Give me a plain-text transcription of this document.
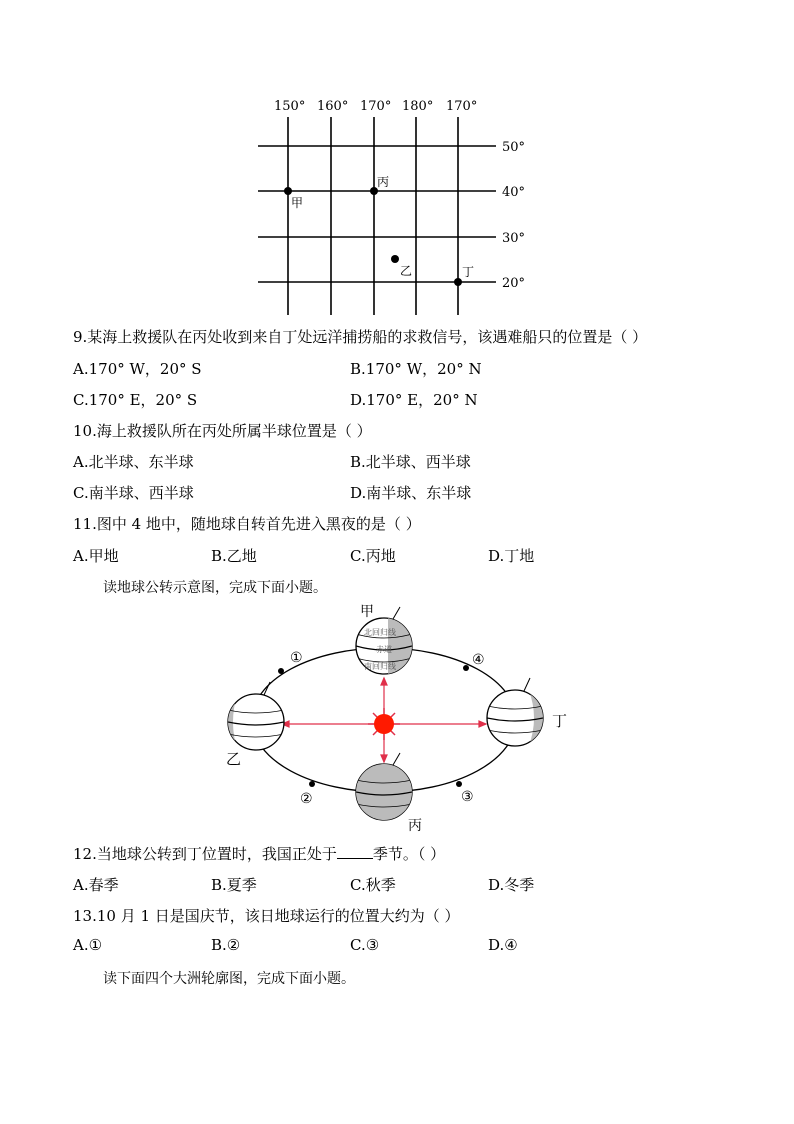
150° 160° 170° 180° 170°
50°
40°
30°
20°
甲
丙
乙	丁
9.某海上救援队在丙处收到来自丁处远洋捕捞船的求救信号，该遇难船只的位置是（ ）
A.170° W，20° S	B.170° W，20° N
C.170° E，20° S	D.170° E，20° N
10.海上救援队所在丙处所属半球位置是（ ）
A.北半球、东半球	B.北半球、西半球
C.南半球、西半球	D.南半球、东半球
11.图中 4 地中，随地球自转首先进入黑夜的是（ ）
A.甲地	B.乙地	C.丙地	D.丁地
读地球公转示意图，完成下面小题。
①
②	③
④
北回归线
赤道
南回归线
甲
乙
丙
丁
12.当地球公转到丁位置时，我国正处于 季节。（ ）
A.春季	B.夏季	C.秋季	D.冬季
13.10 月 1 日是国庆节，该日地球运行的位置大约为（ ）
A.①	B.②	C.③	D.④
读下面四个大洲轮廓图，完成下面小题。
